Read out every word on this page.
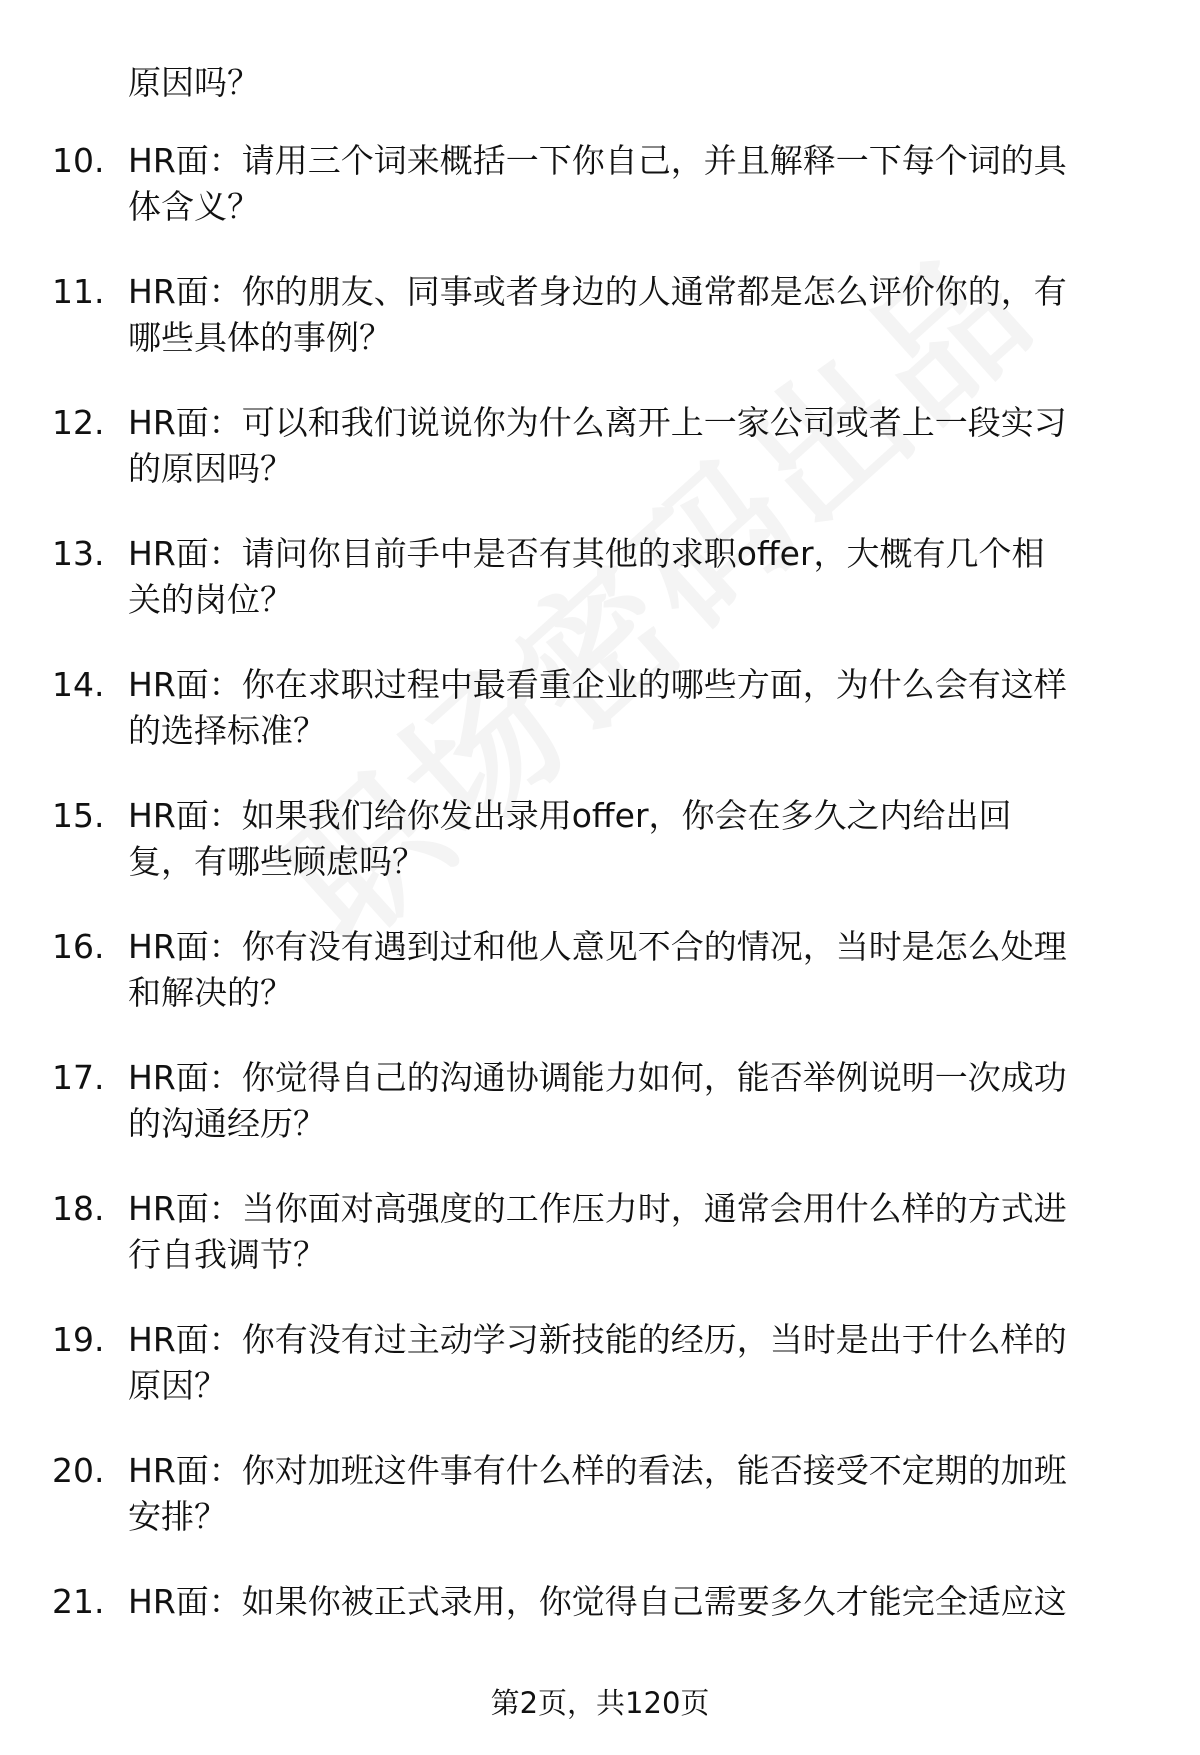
原因吗？
10. HR面：请用三个词来概括一下你自己，并且解释一下每个词的具
体含义？
11. HR面：你的朋友、同事或者身边的人通常都是怎么评价你的，有
哪些具体的事例？
12. HR面：可以和我们说说你为什么离开上一家公司或者上一段实习
的原因吗？
13. HR面：请问你目前手中是否有其他的求职offer，大概有几个相
关的岗位？
14. HR面：你在求职过程中最看重企业的哪些方面，为什么会有这样
的选择标准？
15. HR面：如果我们给你发出录用offer，你会在多久之内给出回
复，有哪些顾虑吗？
16. HR面：你有没有遇到过和他人意见不合的情况，当时是怎么处理
和解决的？
17. HR面：你觉得自己的沟通协调能力如何，能否举例说明一次成功
的沟通经历？
18. HR面：当你面对高强度的工作压力时，通常会用什么样的方式进
行自我调节？
19. HR面：你有没有过主动学习新技能的经历，当时是出于什么样的
原因？
20. HR面：你对加班这件事有什么样的看法，能否接受不定期的加班
安排？
21. HR面：如果你被正式录用，你觉得自己需要多久才能完全适应这
第2页，共120页
